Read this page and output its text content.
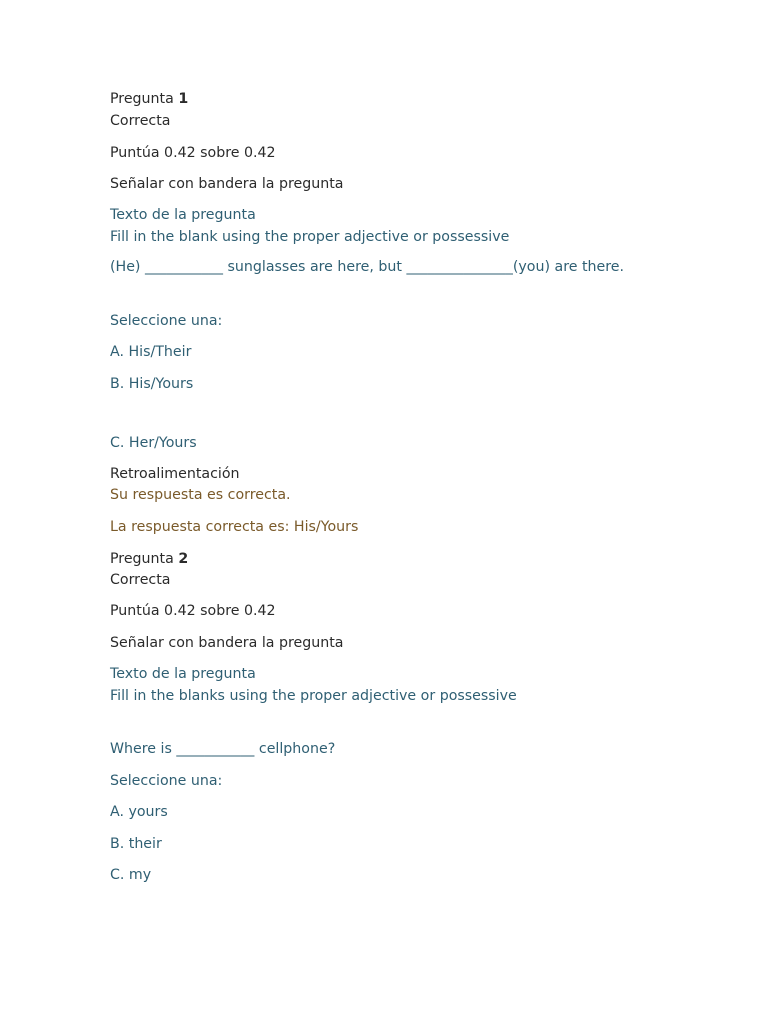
Pregunta 1
Correcta
Puntúa 0.42 sobre 0.42
Señalar con bandera la pregunta
Texto de la pregunta
Fill in the blank using the proper adjective or possessive
(He) ___________ sunglasses are here, but _______________(you) are there.
Seleccione una:
A. His/Their
B. His/Yours
C. Her/Yours
Retroalimentación
Su respuesta es correcta.
La respuesta correcta es: His/Yours
Pregunta 2
Correcta
Puntúa 0.42 sobre 0.42
Señalar con bandera la pregunta
Texto de la pregunta
Fill in the blanks using the proper adjective or possessive
Where is ___________ cellphone?
Seleccione una:
A. yours
B. their
C. my
